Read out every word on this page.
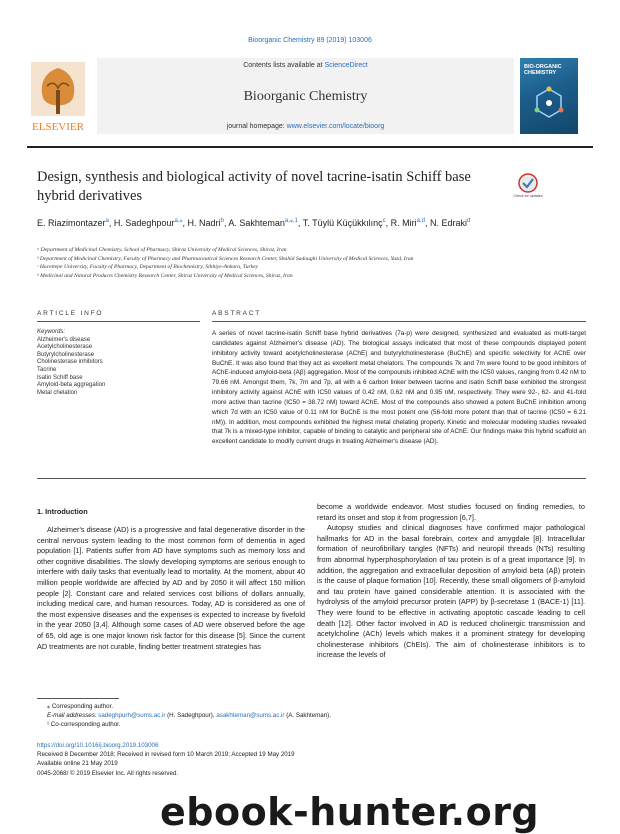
Bioorganic Chemistry 89 (2019) 103006
ELSEVIER
Contents lists available at ScienceDirect
Bioorganic Chemistry
journal homepage: www.elsevier.com/locate/bioorg
BIO-ORGANIC CHEMISTRY
Design, synthesis and biological activity of novel tacrine-isatin Schiff base hybrid derivatives	Check for updates
E. Riazimontazer$^a$, H. Sadeghpour$^{a,⁎}$, H. Nadri$^b$, A. Sakhteman$^{a,⁎,1}$, T. Tüylü Küçükkılınç$^c$, R. Miri$^{a,d}$, N. Edraki$^d$
ᵃ Department of Medicinal Chemistry, School of Pharmacy, Shiraz University of Medical Sciences, Shiraz, Iran
ᵇ Department of Medicinal Chemistry, Faculty of Pharmacy and Pharmaceutical Sciences Research Center, Shahid Sadoughi University of Medical Sciences, Yazd, Iran
ᶜ Hacettepe University, Faculty of Pharmacy, Department of Biochemistry, Sihhiye-Ankara, Turkey
ᵈ Medicinal and Natural Products Chemistry Research Center, Shiraz University of Medical Sciences, Shiraz, Iran
ARTICLE INFO	ABSTRACT
Keywords:
Alzheimer's disease
Acetylcholinesterase
Butyrylcholinesterase
Cholinesterase inhibitors
Tacrine
Isatin Schiff base
Amyloid-beta aggregation
Metal chelation
A series of novel tacrine-isatin Schiff base hybrid derivatives (7a-p) were designed, synthesized and evaluated as multi-target candidates against Alzheimer's disease (AD). The biological assays indicated that most of these compounds displayed potent inhibitory activity toward acetylcholinesterase (AChE) and butyrylcholinesterase (BuChE) and specific selectivity for AChE over BuChE. It was also found that they act as excellent metal chelators. The compounds 7k and 7m were found to be good inhibitors of AChE-induced amyloid-beta (Aβ) aggregation. Most of the compounds inhibited AChE with the IC50 values, ranging from 0.42 nM to 79.66 nM. Amongst them, 7k, 7m and 7p, all with a 6 carbon linker between tacrine and isatin Schiff base exhibited the strongest inhibitory activity against AChE with IC50 values of 0.42 nM, 0.62 nM and 0.95 nM, respectively. They were 92-, 62- and 41-fold more active than tacrine (IC50 = 38.72 nM) toward AChE. Most of the compounds also showed a potent BuChE inhibition among which 7d with an IC50 value of 0.11 nM for BuChE is the most potent one (56-fold more potent than that of tacrine (IC50 = 6.21 nM)). In addition, most compounds exhibited the highest metal chelating property. Kinetic and molecular modeling studies revealed that 7k is a mixed-type inhibitor, capable of binding to catalytic and peripheral site of AChE. Our findings make this hybrid scaffold an excellent candidate to modify current drugs in treating Alzheimer's disease (AD).
1. Introduction

Alzheimer's disease (AD) is a progressive and fatal degenerative disorder in the central nervous system leading to the most common form of dementia in aged population [1]. Patients suffer from AD have symptoms such as memory loss and other cognitive disabilities. The slowly developing symptoms are serious enough to interfere with daily tasks that eventually lead to mortality. At the moment, about 40 million people worldwide are affected by AD and by 2050 it will affect 150 million people [2]. Constant care and related services cost billions of dollars annually, including medical care, and human resources. Today, AD is considered as one of the most expensive diseases and the expenses is expected to increase by fivefold in the year 2050 [3,4]. Although some cases of AD were observed before the age of 65, old age is one major known risk factor for this disease [5]. Since the current AD treatments are not curable, finding better treatment strategies has

become a worldwide endeavor. Most studies focused on finding remedies, to retard its onset and stop it from progression [6,7].

Autopsy studies and clinical diagnoses have confirmed major pathological hallmarks for AD in the basal forebrain, cortex and amygdale [8]. Intracellular formation of neurofibrillary tangles (NFTs) and neuropil threads (NTs) resulting from abnormal hyperphosphorylation of tau protein is of a great importance [9]. In addition, the aggregation and extracellular deposition of amyloid beta (Aβ) protein is the cause of plaque formation [10]. Recently, these small oligomers of β-amyloid and tau protein have gained considerable attention. It is associated with the hydrolysis of the amyloid precursor protein (APP) by β-secretase 1 (BACE-1) [11]. They were found to be effective in activating apoptotic cascade leading to cell death [12]. Other factor involved in AD is reduced cholinergic transmission and acetylcholine (ACh) levels which makes it a prominent strategy for developing cholinesterase inhibitors (ChEIs). The aim of cholinesterase inhibitors is to increase the levels of

⁎ Corresponding author.
E-mail addresses: sadeghpurh@sums.ac.ir (H. Sadeghpour), asakhteman@sums.ac.ir (A. Sakhteman).
¹ Co-corresponding author.
https://doi.org/10.1016/j.bioorg.2019.103006
Received 8 December 2018; Received in revised form 10 March 2019; Accepted 19 May 2019
Available online 21 May 2019
0045-2068/ © 2019 Elsevier Inc. All rights reserved.
ebook-hunter.org
